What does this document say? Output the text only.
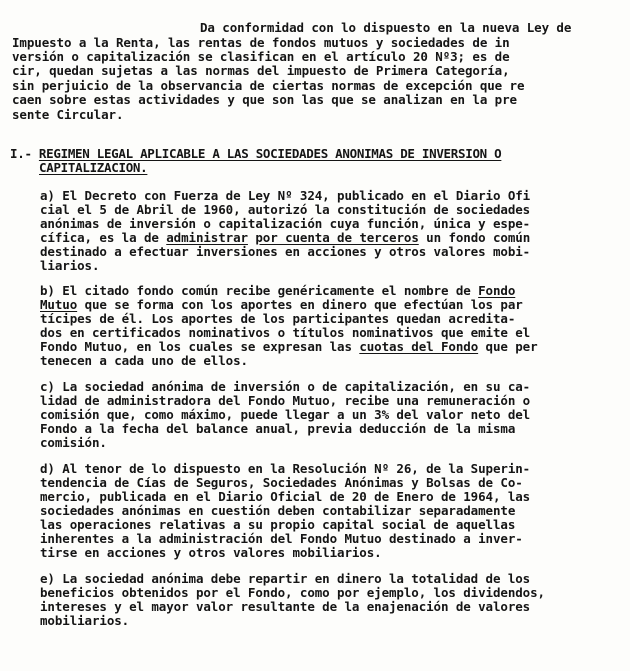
Da conformidad con lo dispuesto en la nueva Ley de
Impuesto a la Renta, las rentas de fondos mutuos y sociedades de in
versión o capitalización se clasifican en el artículo 20 Nº3; es de
cir, quedan sujetas a las normas del impuesto de Primera Categoría,
sin perjuicio de la observancia de ciertas normas de excepción que re
caen sobre estas actividades y que son las que se analizan en la pre
sente Circular.
I.- REGIMEN LEGAL APLICABLE A LAS SOCIEDADES ANONIMAS DE INVERSION O
CAPITALIZACION.
a) El Decreto con Fuerza de Ley Nº 324, publicado en el Diario Ofi
cial el 5 de Abril de 1960, autorizó la constitución de sociedades
anónimas de inversión o capitalización cuya función, única y espe-
cífica, es la de administrar por cuenta de terceros un fondo común
destinado a efectuar inversiones en acciones y otros valores mobi-
liarios.
b) El citado fondo común recibe genéricamente el nombre de Fondo
Mutuo que se forma con los aportes en dinero que efectúan los par
tícipes de él. Los aportes de los participantes quedan acredita-
dos en certificados nominativos o títulos nominativos que emite el
Fondo Mutuo, en los cuales se expresan las cuotas del Fondo que per
tenecen a cada uno de ellos.
c) La sociedad anónima de inversión o de capitalización, en su ca-
lidad de administradora del Fondo Mutuo, recibe una remuneración o
comisión que, como máximo, puede llegar a un 3% del valor neto del
Fondo a la fecha del balance anual, previa deducción de la misma
comisión.
d) Al tenor de lo dispuesto en la Resolución Nº 26, de la Superin-
tendencia de Cías de Seguros, Sociedades Anónimas y Bolsas de Co-
mercio, publicada en el Diario Oficial de 20 de Enero de 1964, las
sociedades anónimas en cuestión deben contabilizar separadamente
las operaciones relativas a su propio capital social de aquellas
inherentes a la administración del Fondo Mutuo destinado a inver-
tirse en acciones y otros valores mobiliarios.
e) La sociedad anónima debe repartir en dinero la totalidad de los
beneficios obtenidos por el Fondo, como por ejemplo, los dividendos,
intereses y el mayor valor resultante de la enajenación de valores
mobiliarios.
